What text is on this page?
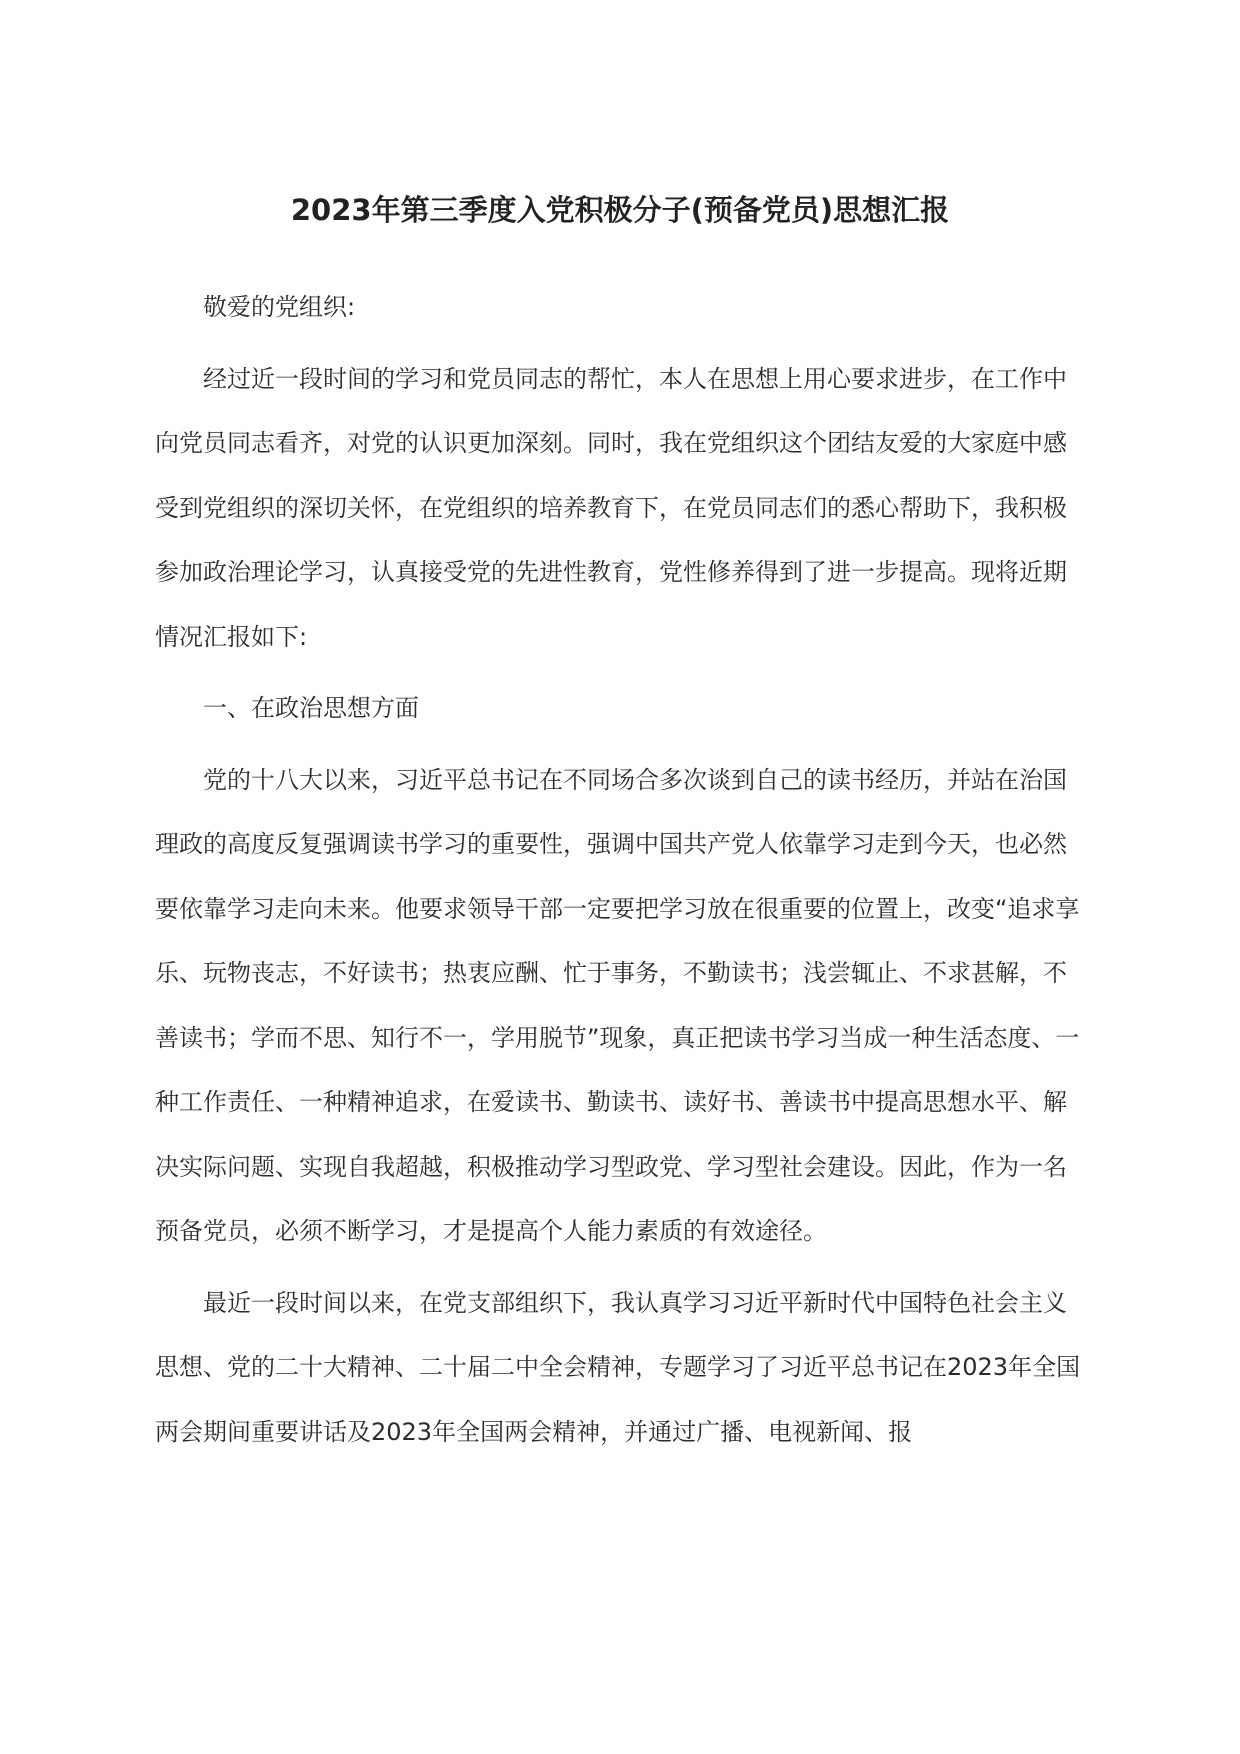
2023年第三季度入党积极分子(预备党员)思想汇报

敬爱的党组织:

经过近一段时间的学习和党员同志的帮忙，本人在思想上用心要求进步，在工作中向党员同志看齐，对党的认识更加深刻。同时，我在党组织这个团结友爱的大家庭中感受到党组织的深切关怀，在党组织的培养教育下，在党员同志们的悉心帮助下，我积极参加政治理论学习，认真接受党的先进性教育，党性修养得到了进一步提高。现将近期情况汇报如下:

一、在政治思想方面

党的十八大以来，习近平总书记在不同场合多次谈到自己的读书经历，并站在治国理政的高度反复强调读书学习的重要性，强调中国共产党人依靠学习走到今天，也必然要依靠学习走向未来。他要求领导干部一定要把学习放在很重要的位置上，改变“追求享乐、玩物丧志，不好读书；热衷应酬、忙于事务，不勤读书；浅尝辄止、不求甚解，不善读书；学而不思、知行不一，学用脱节”现象，真正把读书学习当成一种生活态度、一种工作责任、一种精神追求，在爱读书、勤读书、读好书、善读书中提高思想水平、解决实际问题、实现自我超越，积极推动学习型政党、学习型社会建设。因此，作为一名预备党员，必须不断学习，才是提高个人能力素质的有效途径。

最近一段时间以来，在党支部组织下，我认真学习习近平新时代中国特色社会主义思想、党的二十大精神、二十届二中全会精神，专题学习了习近平总书记在2023年全国两会期间重要讲话及2023年全国两会精神，并通过广播、电视新闻、报
